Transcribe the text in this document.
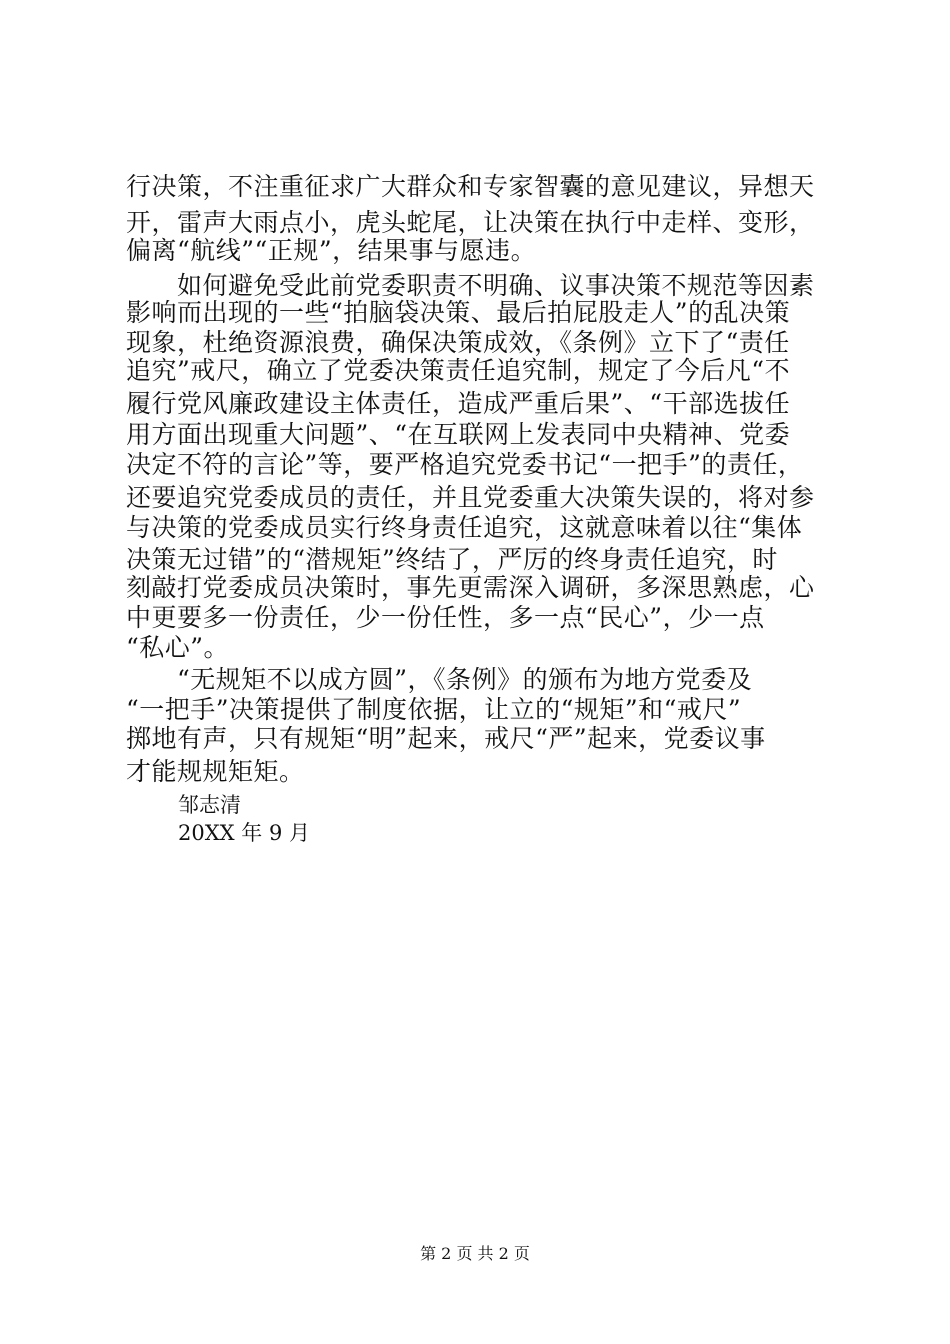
行决策，不注重征求广大群众和专家智囊的意见建议，异想天
开，雷声大雨点小，虎头蛇尾，让决策在执行中走样、变形，
偏离“航线”“正规”，结果事与愿违。
　　如何避免受此前党委职责不明确、议事决策不规范等因素
影响而出现的一些“拍脑袋决策、最后拍屁股走人”的乱决策
现象，杜绝资源浪费，确保决策成效，《条例》立下了“责任
追究”戒尺，确立了党委决策责任追究制，规定了今后凡“不
履行党风廉政建设主体责任，造成严重后果”、“干部选拔任
用方面出现重大问题”、“在互联网上发表同中央精神、党委
决定不符的言论”等，要严格追究党委书记“一把手”的责任，
还要追究党委成员的责任，并且党委重大决策失误的，将对参
与决策的党委成员实行终身责任追究，这就意味着以往“集体
决策无过错”的“潜规矩”终结了，严厉的终身责任追究，时
刻敲打党委成员决策时，事先更需深入调研，多深思熟虑，心
中更要多一份责任，少一份任性，多一点“民心”，少一点
“私心”。
　　“无规矩不以成方圆”，《条例》的颁布为地方党委及
“一把手”决策提供了制度依据，让立的“规矩”和“戒尺”
掷地有声，只有规矩“明”起来，戒尺“严”起来，党委议事
才能规规矩矩。
邹志清
20XX 年 9 月
第 2 页 共 2 页
